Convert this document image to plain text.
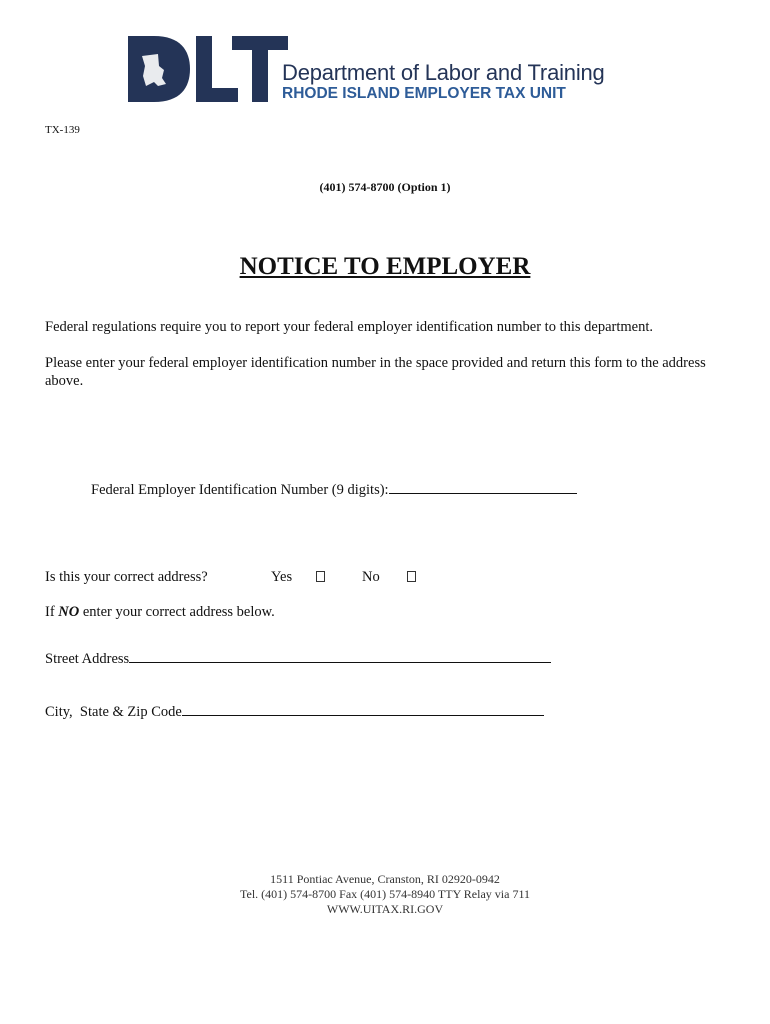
Department of Labor and Training
RHODE ISLAND EMPLOYER TAX UNIT
TX-139
(401) 574-8700 (Option 1)
NOTICE TO EMPLOYER
Federal regulations require you to report your federal employer identification number to this department.
Please enter your federal employer identification number in the space provided and return this form to the address above.
Federal Employer Identification Number (9 digits):
Is this your correct address?	Yes	No
If NO enter your correct address below.
Street Address
City,  State & Zip Code
1511 Pontiac Avenue, Cranston, RI 02920-0942
Tel. (401) 574-8700 Fax (401) 574-8940 TTY Relay via 711
WWW.UITAX.RI.GOV
